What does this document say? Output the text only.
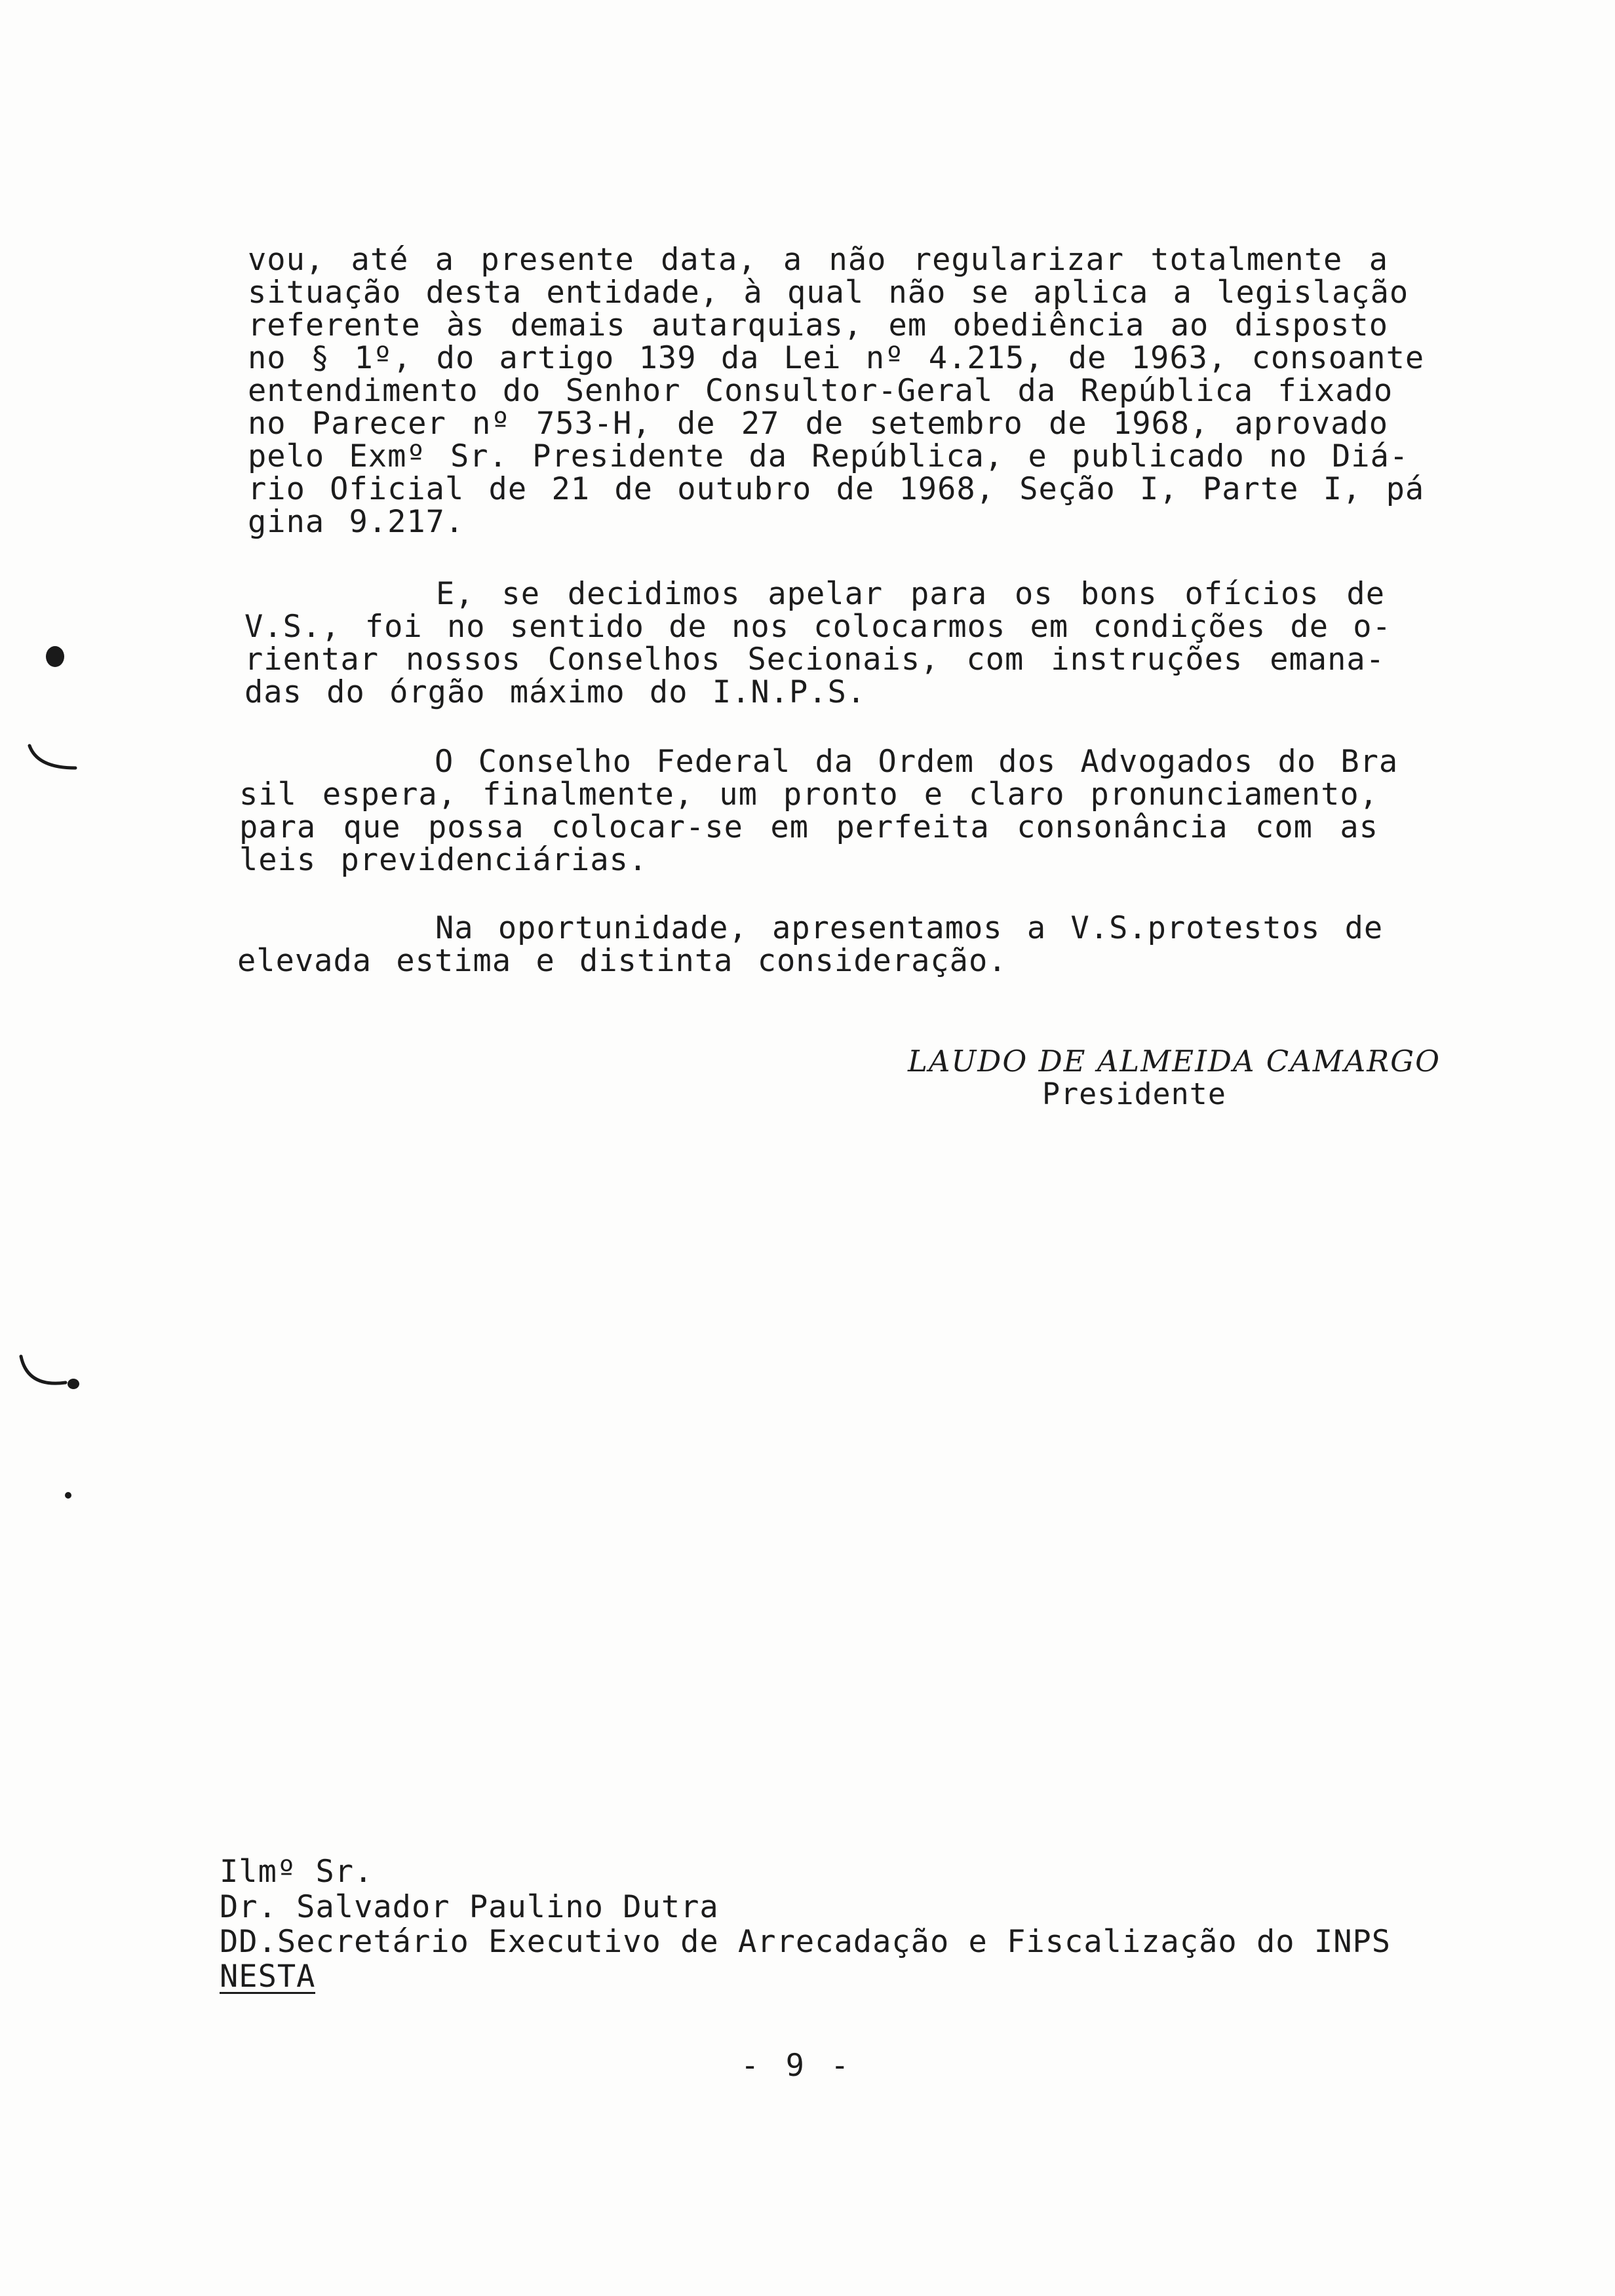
vou, até a presente data, a não regularizar totalmente a
situação desta entidade, à qual não se aplica a legislação
referente às demais autarquias, em obediência ao disposto
no § 1º, do artigo 139 da Lei nº 4.215, de 1963, consoante
entendimento do Senhor Consultor-Geral da República fixado
no Parecer nº 753-H, de 27 de setembro de 1968, aprovado
pelo Exmº Sr. Presidente da República, e publicado no Diá-
rio Oficial de 21 de outubro de 1968, Seção I, Parte I, pá
gina 9.217.
E, se decidimos apelar para os bons ofícios de
V.S., foi no sentido de nos colocarmos em condições de o-
rientar nossos Conselhos Secionais, com instruções emana-
das do órgão máximo do I.N.P.S.
O Conselho Federal da Ordem dos Advogados do Bra
sil espera, finalmente, um pronto e claro pronunciamento,
para que possa colocar-se em perfeita consonância com as
leis previdenciárias.
Na oportunidade, apresentamos a V.S.protestos de
elevada estima e distinta consideração.
LAUDO DE ALMEIDA CAMARGO
Presidente
Ilmº Sr.
Dr. Salvador Paulino Dutra
DD.Secretário Executivo de Arrecadação e Fiscalização do INPS
NESTA
- 9 -
